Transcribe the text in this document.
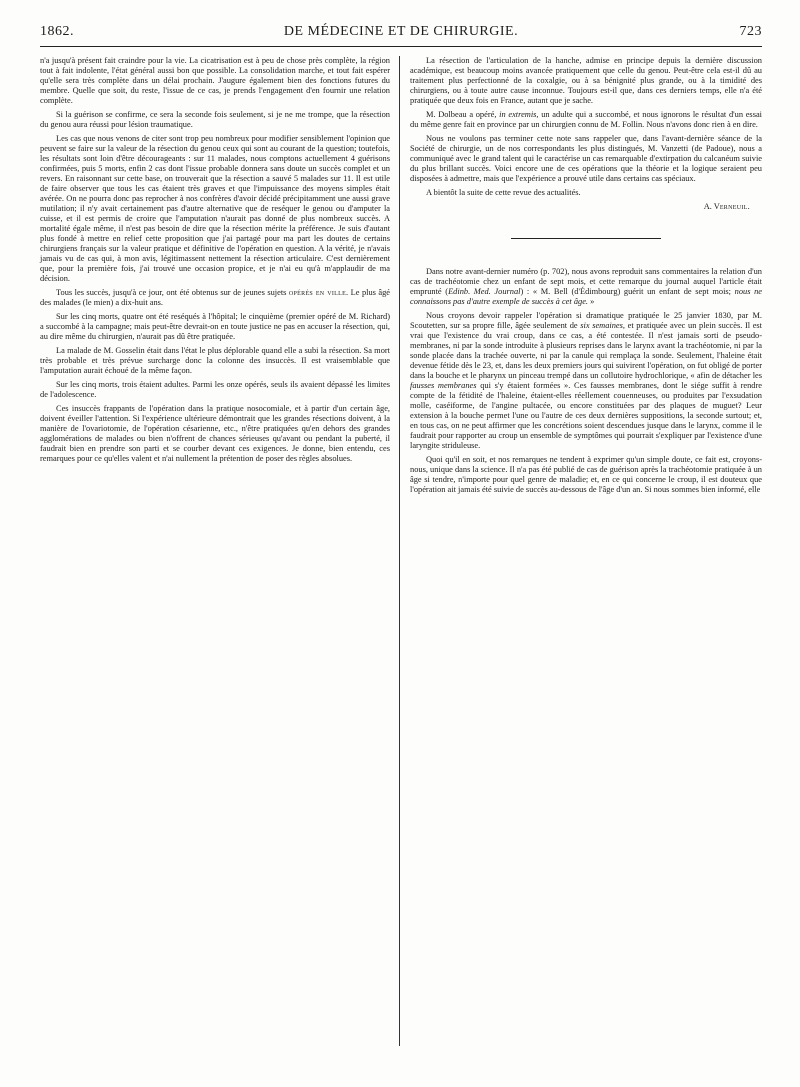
1862.	DE MÉDECINE ET DE CHIRURGIE.	723

n'a jusqu'à présent fait craindre pour la vie. La cicatrisation est à peu de chose près complète, la région tout à fait indolente, l'état général aussi bon que possible. La consolidation marche, et tout fait espérer qu'elle sera très complète dans un délai prochain. J'augure également bien des fonctions futures du membre. Quelle que soit, du reste, l'issue de ce cas, je prends l'engagement d'en fournir une relation complète.

Si la guérison se confirme, ce sera la seconde fois seulement, si je ne me trompe, que la résection du genou aura réussi pour lésion traumatique.

Les cas que nous venons de citer sont trop peu nombreux pour modifier sensiblement l'opinion que peuvent se faire sur la valeur de la résection du genou ceux qui sont au courant de la question; toutefois, les résultats sont loin d'être décourageants : sur 11 malades, nous comptons actuellement 4 guérisons confirmées, puis 5 morts, enfin 2 cas dont l'issue probable donnera sans doute un succès complet et un revers. En raisonnant sur cette base, on trouverait que la résection a sauvé 5 malades sur 11. Il est utile de faire observer que tous les cas étaient très graves et que l'impuissance des moyens simples était avérée. On ne pourra donc pas reprocher à nos confrères d'avoir décidé précipitamment une aussi grave mutilation; il n'y avait certainement pas d'autre alternative que de reséquer le genou ou d'amputer la cuisse, et il est permis de croire que l'amputation n'aurait pas donné de plus nombreux succès. A mortalité égale même, il n'est pas besoin de dire que la résection mérite la préférence. Je suis d'autant plus fondé à mettre en relief cette proposition que j'ai partagé pour ma part les doutes de certains chirurgiens français sur la valeur pratique et définitive de l'opération en question. A la vérité, je n'avais jamais vu de cas qui, à mon avis, légitimassent nettement la résection articulaire. C'est dernièrement que, pour la première fois, j'ai trouvé une occasion propice, et je n'ai eu qu'à m'applaudir de ma décision.

Tous les succès, jusqu'à ce jour, ont été obtenus sur de jeunes sujets opérés en ville. Le plus âgé des malades (le mien) a dix-huit ans.

Sur les cinq morts, quatre ont été reséqués à l'hôpital; le cinquième (premier opéré de M. Richard) a succombé à la campagne; mais peut-être devrait-on en toute justice ne pas en accuser la résection, qui, au dire même du chirurgien, n'aurait pas dû être pratiquée.

La malade de M. Gosselin était dans l'état le plus déplorable quand elle a subi la résection. Sa mort très probable et très prévue surcharge donc la colonne des insuccès. Il est vraisemblable que l'amputation aurait échoué de la même façon.

Sur les cinq morts, trois étaient adultes. Parmi les onze opérés, seuls ils avaient dépassé les limites de l'adolescence.

Ces insuccès frappants de l'opération dans la pratique nosocomiale, et à partir d'un certain âge, doivent éveiller l'attention. Si l'expérience ultérieure démontrait que les grandes résections doivent, à la manière de l'ovariotomie, de l'opération césarienne, etc., n'être pratiquées qu'en dehors des grandes agglomérations de malades ou bien n'offrent de chances sérieuses qu'avant ou pendant la puberté, il faudrait bien en prendre son parti et se courber devant ces exigences. Je donne, bien entendu, ces remarques pour ce qu'elles valent et n'ai nullement la prétention de poser des règles absolues.

La résection de l'articulation de la hanche, admise en principe depuis la dernière discussion académique, est beaucoup moins avancée pratiquement que celle du genou. Peut-être cela est-il dû au traitement plus perfectionné de la coxalgie, ou à sa bénignité plus grande, ou à la timidité des chirurgiens, ou à toute autre cause inconnue. Toujours est-il que, dans ces derniers temps, elle n'a été pratiquée que deux fois en France, autant que je sache.

M. Dolbeau a opéré, in extremis, un adulte qui a succombé, et nous ignorons le résultat d'un essai du même genre fait en province par un chirurgien connu de M. Follin. Nous n'avons donc rien à en dire.

Nous ne voulons pas terminer cette note sans rappeler que, dans l'avant-dernière séance de la Société de chirurgie, un de nos correspondants les plus distingués, M. Vanzetti (de Padoue), nous a communiqué avec le grand talent qui le caractérise un cas remarquable d'extirpation du calcanéum suivie du plus brillant succès. Voici encore une de ces opérations que la théorie et la logique seraient peu disposées à admettre, mais que l'expérience a prouvé utile dans certains cas spéciaux.

A bientôt la suite de cette revue des actualités.

A. Verneuil.

Dans notre avant-dernier numéro (p. 702), nous avons reproduit sans commentaires la relation d'un cas de trachéotomie chez un enfant de sept mois, et cette remarque du journal auquel l'article était emprunté (Edinb. Med. Journal) : « M. Bell (d'Édimbourg) guérit un enfant de sept mois; nous ne connaissons pas d'autre exemple de succès à cet âge. »

Nous croyons devoir rappeler l'opération si dramatique pratiquée le 25 janvier 1830, par M. Scoutetten, sur sa propre fille, âgée seulement de six semaines, et pratiquée avec un plein succès. Il est vrai que l'existence du vrai croup, dans ce cas, a été contestée. Il n'est jamais sorti de pseudo-membranes, ni par la sonde introduite à plusieurs reprises dans le larynx avant la trachéotomie, ni par la sonde placée dans la trachée ouverte, ni par la canule qui remplaça la sonde. Seulement, l'haleine était devenue fétide dès le 23, et, dans les deux premiers jours qui suivirent l'opération, on fut obligé de porter dans la bouche et le pharynx un pinceau trempé dans un collutoire hydrochlorique, « afin de détacher les fausses membranes qui s'y étaient formées ». Ces fausses membranes, dont le siége suffit à rendre compte de la fétidité de l'haleine, étaient-elles réellement couenneuses, ou produites par l'exsudation molle, caséiforme, de l'angine pultacée, ou encore constituées par des plaques de muguet? Leur extension à la bouche permet l'une ou l'autre de ces deux dernières suppositions, la seconde surtout; et, en tous cas, on ne peut affirmer que les concrétions soient descendues jusque dans le larynx, comme il le faudrait pour rapporter au croup un ensemble de symptômes qui pourrait s'expliquer par l'existence d'une laryngite striduleuse.

Quoi qu'il en soit, et nos remarques ne tendent à exprimer qu'un simple doute, ce fait est, croyons-nous, unique dans la science. Il n'a pas été publié de cas de guérison après la trachéotomie pratiquée à un âge si tendre, n'importe pour quel genre de maladie; et, en ce qui concerne le croup, il est douteux que l'opération ait jamais été suivie de succès au-dessous de l'âge d'un an. Si nous sommes bien informé, elle
